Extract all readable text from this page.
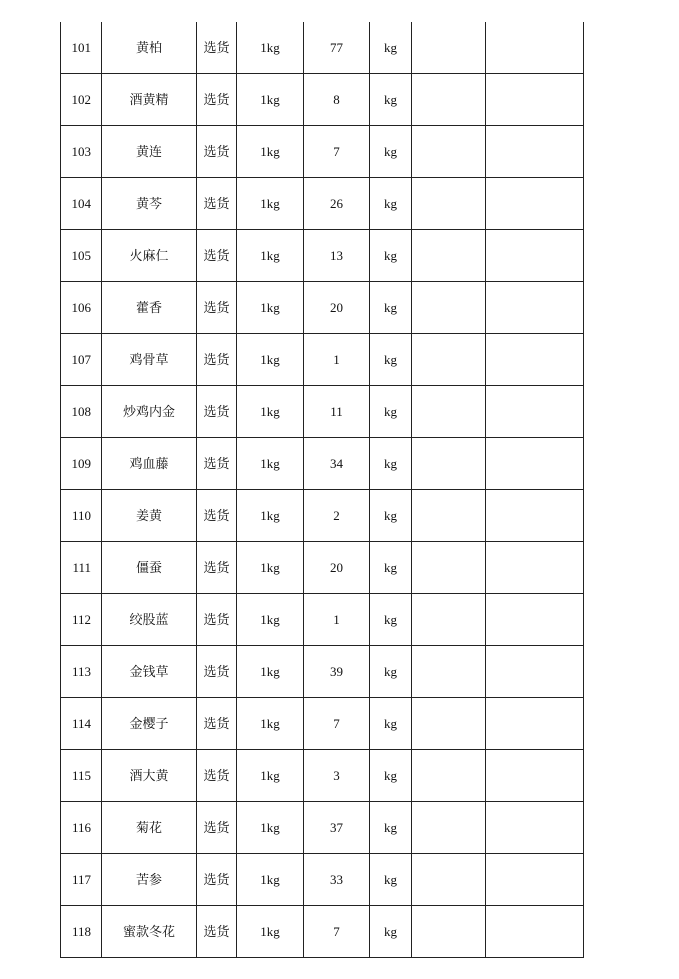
101	黄柏	选货	1kg	77	kg		
102	酒黄精	选货	1kg	8	kg		
103	黄连	选货	1kg	7	kg		
104	黄芩	选货	1kg	26	kg		
105	火麻仁	选货	1kg	13	kg		
106	藿香	选货	1kg	20	kg		
107	鸡骨草	选货	1kg	1	kg		
108	炒鸡内金	选货	1kg	11	kg		
109	鸡血藤	选货	1kg	34	kg		
110	姜黄	选货	1kg	2	kg		
111	僵蚕	选货	1kg	20	kg		
112	绞股蓝	选货	1kg	1	kg		
113	金钱草	选货	1kg	39	kg		
114	金樱子	选货	1kg	7	kg		
115	酒大黄	选货	1kg	3	kg		
116	菊花	选货	1kg	37	kg		
117	苦参	选货	1kg	33	kg		
118	蜜款冬花	选货	1kg	7	kg		
